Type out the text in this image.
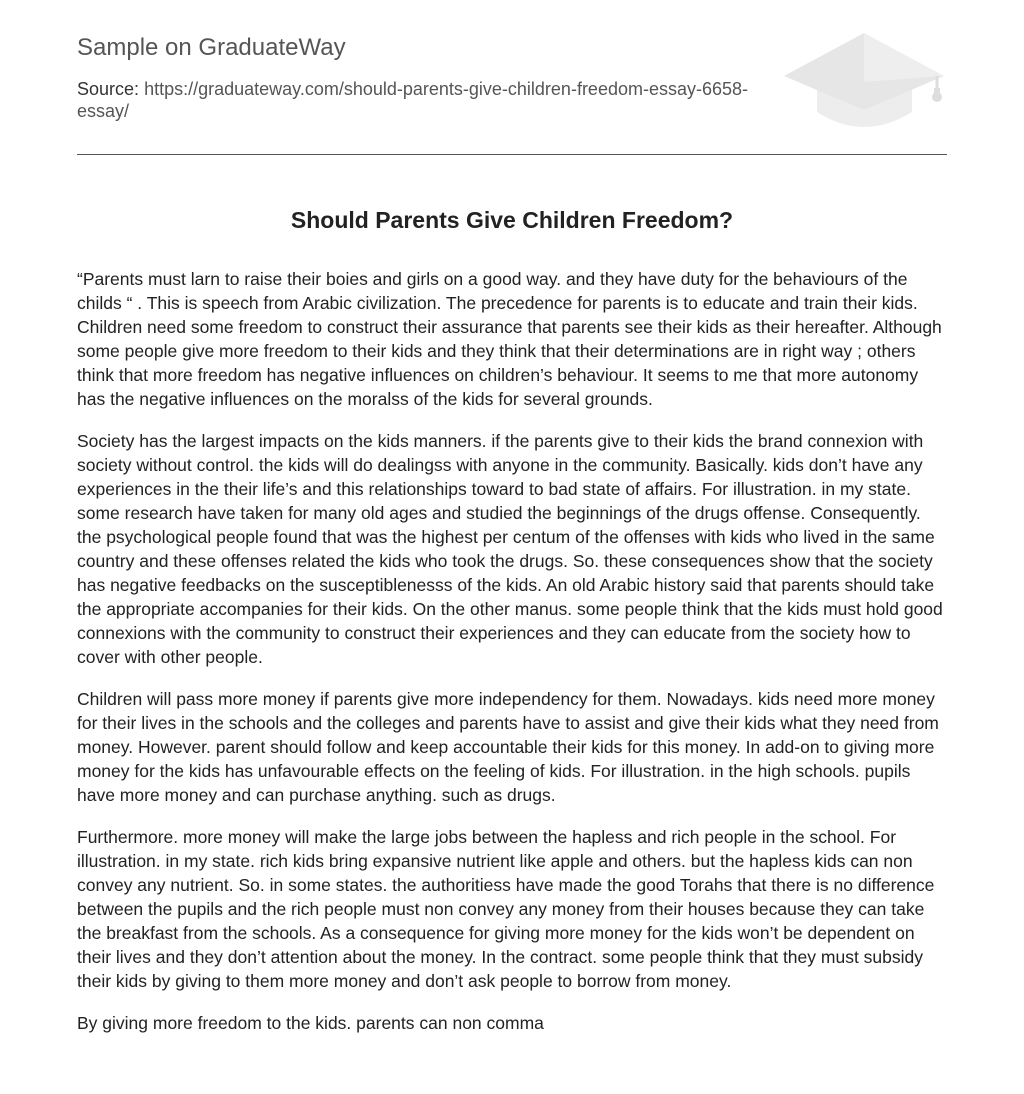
Sample on GraduateWay
Source: https://graduateway.com/should-parents-give-children-freedom-essay-6658-essay/
Should Parents Give Children Freedom?

“Parents must larn to raise their boies and girls on a good way. and they have duty for the behaviours of the childs “ . This is speech from Arabic civilization. The precedence for parents is to educate and train their kids. Children need some freedom to construct their assurance that parents see their kids as their hereafter. Although some people give more freedom to their kids and they think that their determinations are in right way ; others think that more freedom has negative influences on children’s behaviour. It seems to me that more autonomy has the negative influences on the moralss of the kids for several grounds.

Society has the largest impacts on the kids manners. if the parents give to their kids the brand connexion with society without control. the kids will do dealingss with anyone in the community. Basically. kids don’t have any experiences in the their life’s and this relationships toward to bad state of affairs. For illustration. in my state. some research have taken for many old ages and studied the beginnings of the drugs offense. Consequently. the psychological people found that was the highest per centum of the offenses with kids who lived in the same country and these offenses related the kids who took the drugs. So. these consequences show that the society has negative feedbacks on the susceptiblenesss of the kids. An old Arabic history said that parents should take the appropriate accompanies for their kids. On the other manus. some people think that the kids must hold good connexions with the community to construct their experiences and they can educate from the society how to cover with other people.

Children will pass more money if parents give more independency for them. Nowadays. kids need more money for their lives in the schools and the colleges and parents have to assist and give their kids what they need from money. However. parent should follow and keep accountable their kids for this money. In add-on to giving more money for the kids has unfavourable effects on the feeling of kids. For illustration. in the high schools. pupils have more money and can purchase anything. such as drugs.

Furthermore. more money will make the large jobs between the hapless and rich people in the school. For illustration. in my state. rich kids bring expansive nutrient like apple and others. but the hapless kids can non convey any nutrient. So. in some states. the authoritiess have made the good Torahs that there is no difference between the pupils and the rich people must non convey any money from their houses because they can take the breakfast from the schools. As a consequence for giving more money for the kids won’t be dependent on their lives and they don’t attention about the money. In the contract. some people think that they must subsidy their kids by giving to them more money and don’t ask people to borrow from money.

By giving more freedom to the kids. parents can non comma
